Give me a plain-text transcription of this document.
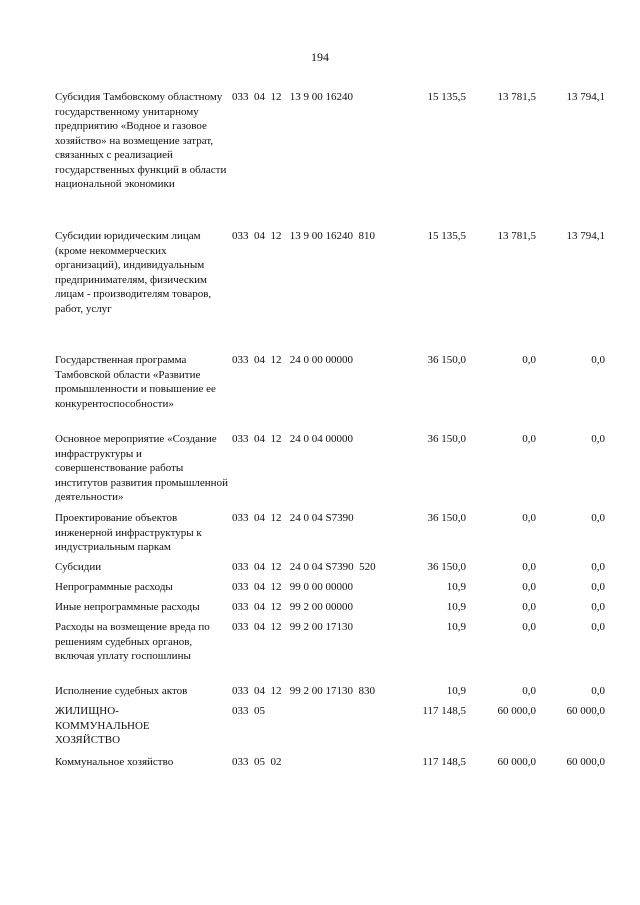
194
Субсидия Тамбовскому областному государственному унитарному предприятию «Водное и газовое хозяйство» на возмещение затрат, связанных с реализацией государственных функций в области национальной экономики
033  04  12   13 9 00 16240	15 135,5	13 781,5	13 794,1
Субсидии юридическим лицам (кроме некоммерческих организаций), индивидуальным предпринимателям, физическим лицам - производителям товаров, работ, услуг
033  04  12   13 9 00 16240  810	15 135,5	13 781,5	13 794,1
Государственная программа Тамбовской области «Развитие промышленности и повышение ее конкурентоспособности»
033  04  12   24 0 00 00000	36 150,0	0,0	0,0
Основное мероприятие «Создание инфраструктуры и совершенствование работы институтов развития промышленной деятельности»
033  04  12   24 0 04 00000	36 150,0	0,0	0,0
Проектирование объектов инженерной инфраструктуры к индустриальным паркам
033  04  12   24 0 04 S7390	36 150,0	0,0	0,0
Субсидии	033  04  12   24 0 04 S7390  520	36 150,0	0,0	0,0
Непрограммные расходы	033  04  12   99 0 00 00000	10,9	0,0	0,0
Иные непрограммные расходы	033  04  12   99 2 00 00000	10,9	0,0	0,0
Расходы на возмещение вреда по решениям судебных органов, включая уплату госпошлины
033  04  12   99 2 00 17130	10,9	0,0	0,0
Исполнение судебных актов	033  04  12   99 2 00 17130  830	10,9	0,0	0,0
ЖИЛИЩНО-КОММУНАЛЬНОЕ ХОЗЯЙСТВО
033  05	117 148,5	60 000,0	60 000,0
Коммунальное хозяйство	033  05  02	117 148,5	60 000,0	60 000,0
